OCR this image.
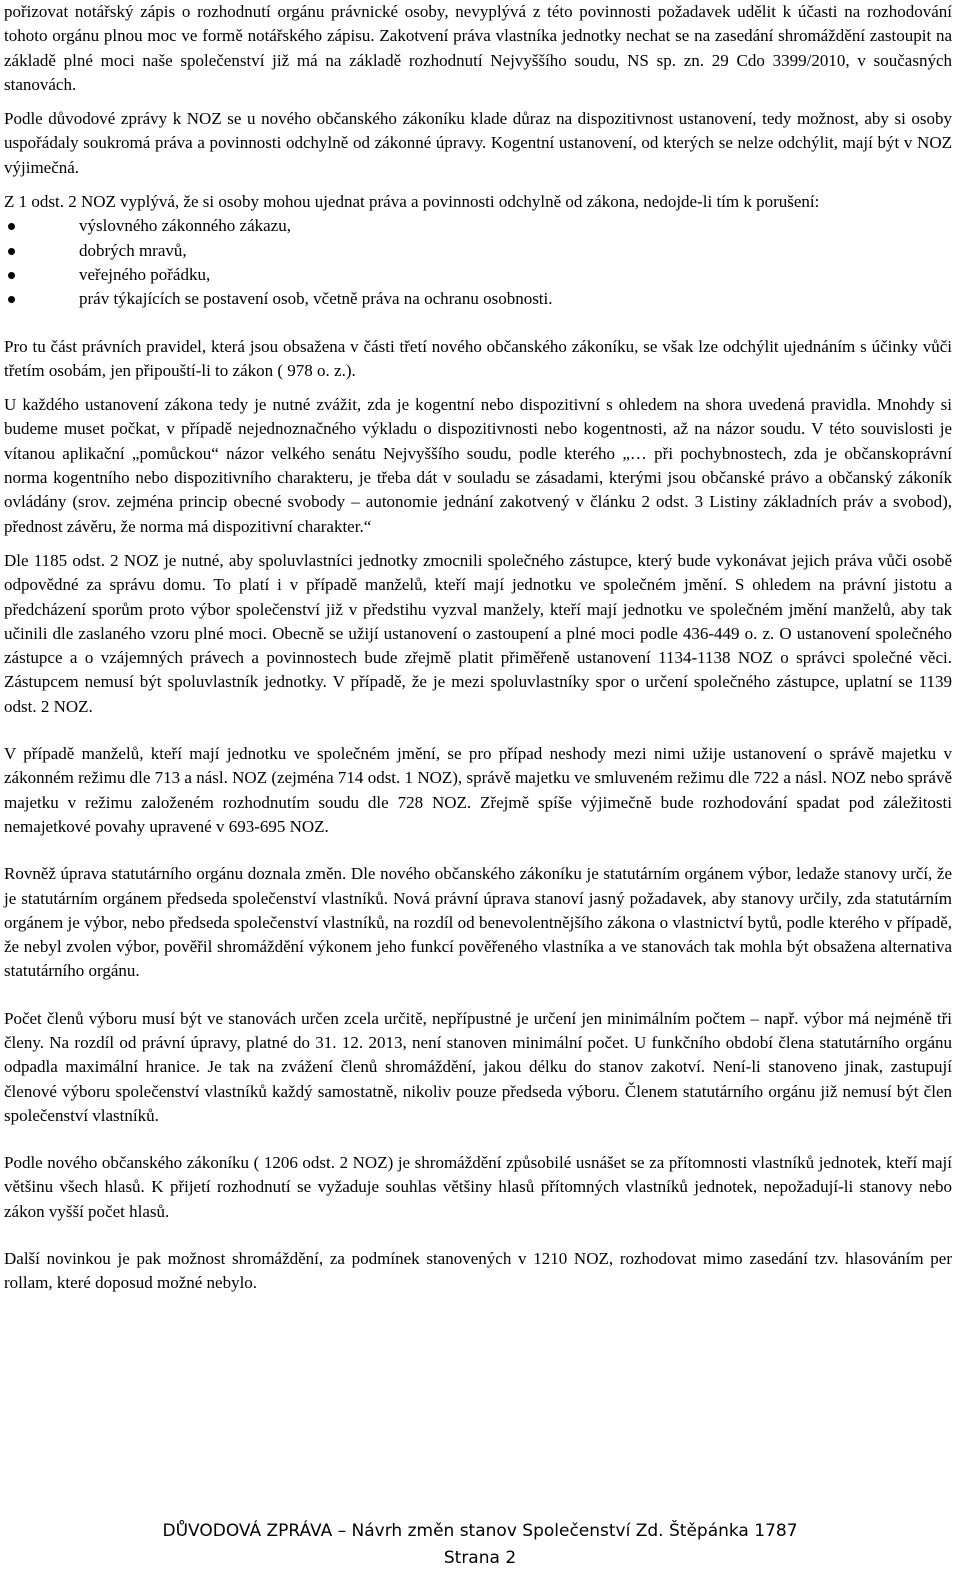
pořizovat notářský zápis o rozhodnutí orgánu právnické osoby, nevyplývá z této povinnosti požadavek udělit k účasti na rozhodování tohoto orgánu plnou moc ve formě notářského zápisu. Zakotvení práva vlastníka jednotky nechat se na zasedání shromáždění zastoupit na základě plné moci naše společenství již má na základě rozhodnutí Nejvyššího soudu, NS sp. zn. 29 Cdo 3399/2010, v současných stanovách.

Podle důvodové zprávy k NOZ se u nového občanského zákoníku klade důraz na dispozitivnost ustanovení, tedy možnost, aby si osoby uspořádaly soukromá práva a povinnosti odchylně od zákonné úpravy. Kogentní ustanovení, od kterých se nelze odchýlit, mají být v NOZ výjimečná.

Z 1 odst. 2 NOZ vyplývá, že si osoby mohou ujednat práva a povinnosti odchylně od zákona, nedojde-li tím k porušení:

výslovného zákonného zákazu,
dobrých mravů,
veřejného pořádku,
práv týkajících se postavení osob, včetně práva na ochranu osobnosti.

Pro tu část právních pravidel, která jsou obsažena v části třetí nového občanského zákoníku, se však lze odchýlit ujednáním s účinky vůči třetím osobám, jen připouští-li to zákon ( 978 o. z.).

U každého ustanovení zákona tedy je nutné zvážit, zda je kogentní nebo dispozitivní s ohledem na shora uvedená pravidla. Mnohdy si budeme muset počkat, v případě nejednoznačného výkladu o dispozitivnosti nebo kogentnosti, až na názor soudu. V této souvislosti je vítanou aplikační „pomůckou“ názor velkého senátu Nejvyššího soudu, podle kterého „… při pochybnostech, zda je občanskoprávní norma kogentního nebo dispozitivního charakteru, je třeba dát v souladu se zásadami, kterými jsou občanské právo a občanský zákoník ovládány (srov. zejména princip obecné svobody – autonomie jednání zakotvený v článku 2 odst. 3 Listiny základních práv a svobod), přednost závěru, že norma má dispozitivní charakter.“

Dle 1185 odst. 2 NOZ je nutné, aby spoluvlastníci jednotky zmocnili společného zástupce, který bude vykonávat jejich práva vůči osobě odpovědné za správu domu. To platí i v případě manželů, kteří mají jednotku ve společném jmění. S ohledem na právní jistotu a předcházení sporům proto výbor společenství již v předstihu vyzval manžely, kteří mají jednotku ve společném jmění manželů, aby tak učinili dle zaslaného vzoru plné moci. Obecně se užijí ustanovení o zastoupení a plné moci podle 436-449 o. z. O ustanovení společného zástupce a o vzájemných právech a povinnostech bude zřejmě platit přiměřeně ustanovení 1134-1138 NOZ o správci společné věci. Zástupcem nemusí být spoluvlastník jednotky. V případě, že je mezi spoluvlastníky spor o určení společného zástupce, uplatní se 1139 odst. 2 NOZ.

V případě manželů, kteří mají jednotku ve společném jmění, se pro případ neshody mezi nimi užije ustanovení o správě majetku v zákonném režimu dle 713 a násl. NOZ (zejména 714 odst. 1 NOZ), správě majetku ve smluveném režimu dle 722 a násl. NOZ nebo správě majetku v režimu založeném rozhodnutím soudu dle 728 NOZ. Zřejmě spíše výjimečně bude rozhodování spadat pod záležitosti nemajetkové povahy upravené v 693-695 NOZ.

Rovněž úprava statutárního orgánu doznala změn. Dle nového občanského zákoníku je statutárním orgánem výbor, ledaže stanovy určí, že je statutárním orgánem předseda společenství vlastníků. Nová právní úprava stanoví jasný požadavek, aby stanovy určily, zda statutárním orgánem je výbor, nebo předseda společenství vlastníků, na rozdíl od benevolentnějšího zákona o vlastnictví bytů, podle kterého v případě, že nebyl zvolen výbor, pověřil shromáždění výkonem jeho funkcí pověřeného vlastníka a ve stanovách tak mohla být obsažena alternativa statutárního orgánu.

Počet členů výboru musí být ve stanovách určen zcela určitě, nepřípustné je určení jen minimálním počtem – např. výbor má nejméně tři členy. Na rozdíl od právní úpravy, platné do 31. 12. 2013, není stanoven minimální počet. U funkčního období člena statutárního orgánu odpadla maximální hranice. Je tak na zvážení členů shromáždění, jakou délku do stanov zakotví. Není-li stanoveno jinak, zastupují členové výboru společenství vlastníků každý samostatně, nikoliv pouze předseda výboru. Členem statutárního orgánu již nemusí být člen společenství vlastníků.

Podle nového občanského zákoníku ( 1206 odst. 2 NOZ) je shromáždění způsobilé usnášet se za přítomnosti vlastníků jednotek, kteří mají většinu všech hlasů. K přijetí rozhodnutí se vyžaduje souhlas většiny hlasů přítomných vlastníků jednotek, nepožadují-li stanovy nebo zákon vyšší počet hlasů.

Další novinkou je pak možnost shromáždění, za podmínek stanovených v 1210 NOZ, rozhodovat mimo zasedání tzv. hlasováním per rollam, které doposud možné nebylo.

DŮVODOVÁ ZPRÁVA – Návrh změn stanov Společenství Zd. Štěpánka 1787
Strana 2
